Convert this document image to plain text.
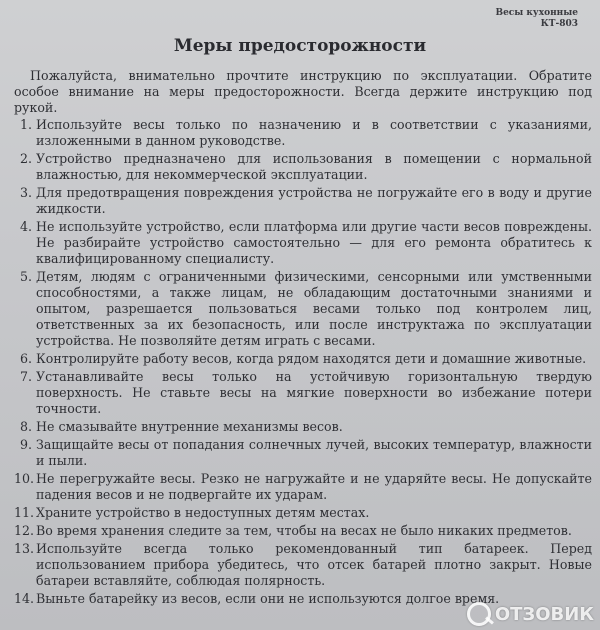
Весы кухонные
КТ-803
Меры предосторожности

Пожалуйста, внимательно прочтите инструкцию по эксплуатации. Обратите особое внимание на меры предосторожности. Всегда держите инструкцию под рукой.

1. Используйте весы только по назначению и в соответствии с указаниями, изложенными в данном руководстве.
2. Устройство предназначено для использования в помещении с нормальной влажностью, для некоммерческой эксплуатации.
3. Для предотвращения повреждения устройства не погружайте его в воду и другие жидкости.
4. Не используйте устройство, если платформа или другие части весов повреждены. Не разбирайте устройство самостоятельно — для его ремонта обратитесь к квалифицированному специалисту.
5. Детям, людям с ограниченными физическими, сенсорными или умственными способностями, а также лицам, не обладающим достаточными знаниями и опытом, разрешается пользоваться весами только под контролем лиц, ответственных за их безопасность, или после инструктажа по эксплуатации устройства. Не позволяйте детям играть с весами.
6. Контролируйте работу весов, когда рядом находятся дети и домашние животные.
7. Устанавливайте весы только на устойчивую горизонтальную твердую поверхность. Не ставьте весы на мягкие поверхности во избежание потери точности.
8. Не смазывайте внутренние механизмы весов.
9. Защищайте весы от попадания солнечных лучей, высоких температур, влажности и пыли.
10. Не перегружайте весы. Резко не нагружайте и не ударяйте весы. Не допускайте падения весов и не подвергайте их ударам.
11. Храните устройство в недоступных детям местах.
12. Во время хранения следите за тем, чтобы на весах не было никаких предметов.
13. Используйте всегда только рекомендованный тип батареек. Перед использованием прибора убедитесь, что отсек батарей плотно закрыт. Новые батареи вставляйте, соблюдая полярность.
14. Выньте батарейку из весов, если они не используются долгое время.
ОТЗОВИК
